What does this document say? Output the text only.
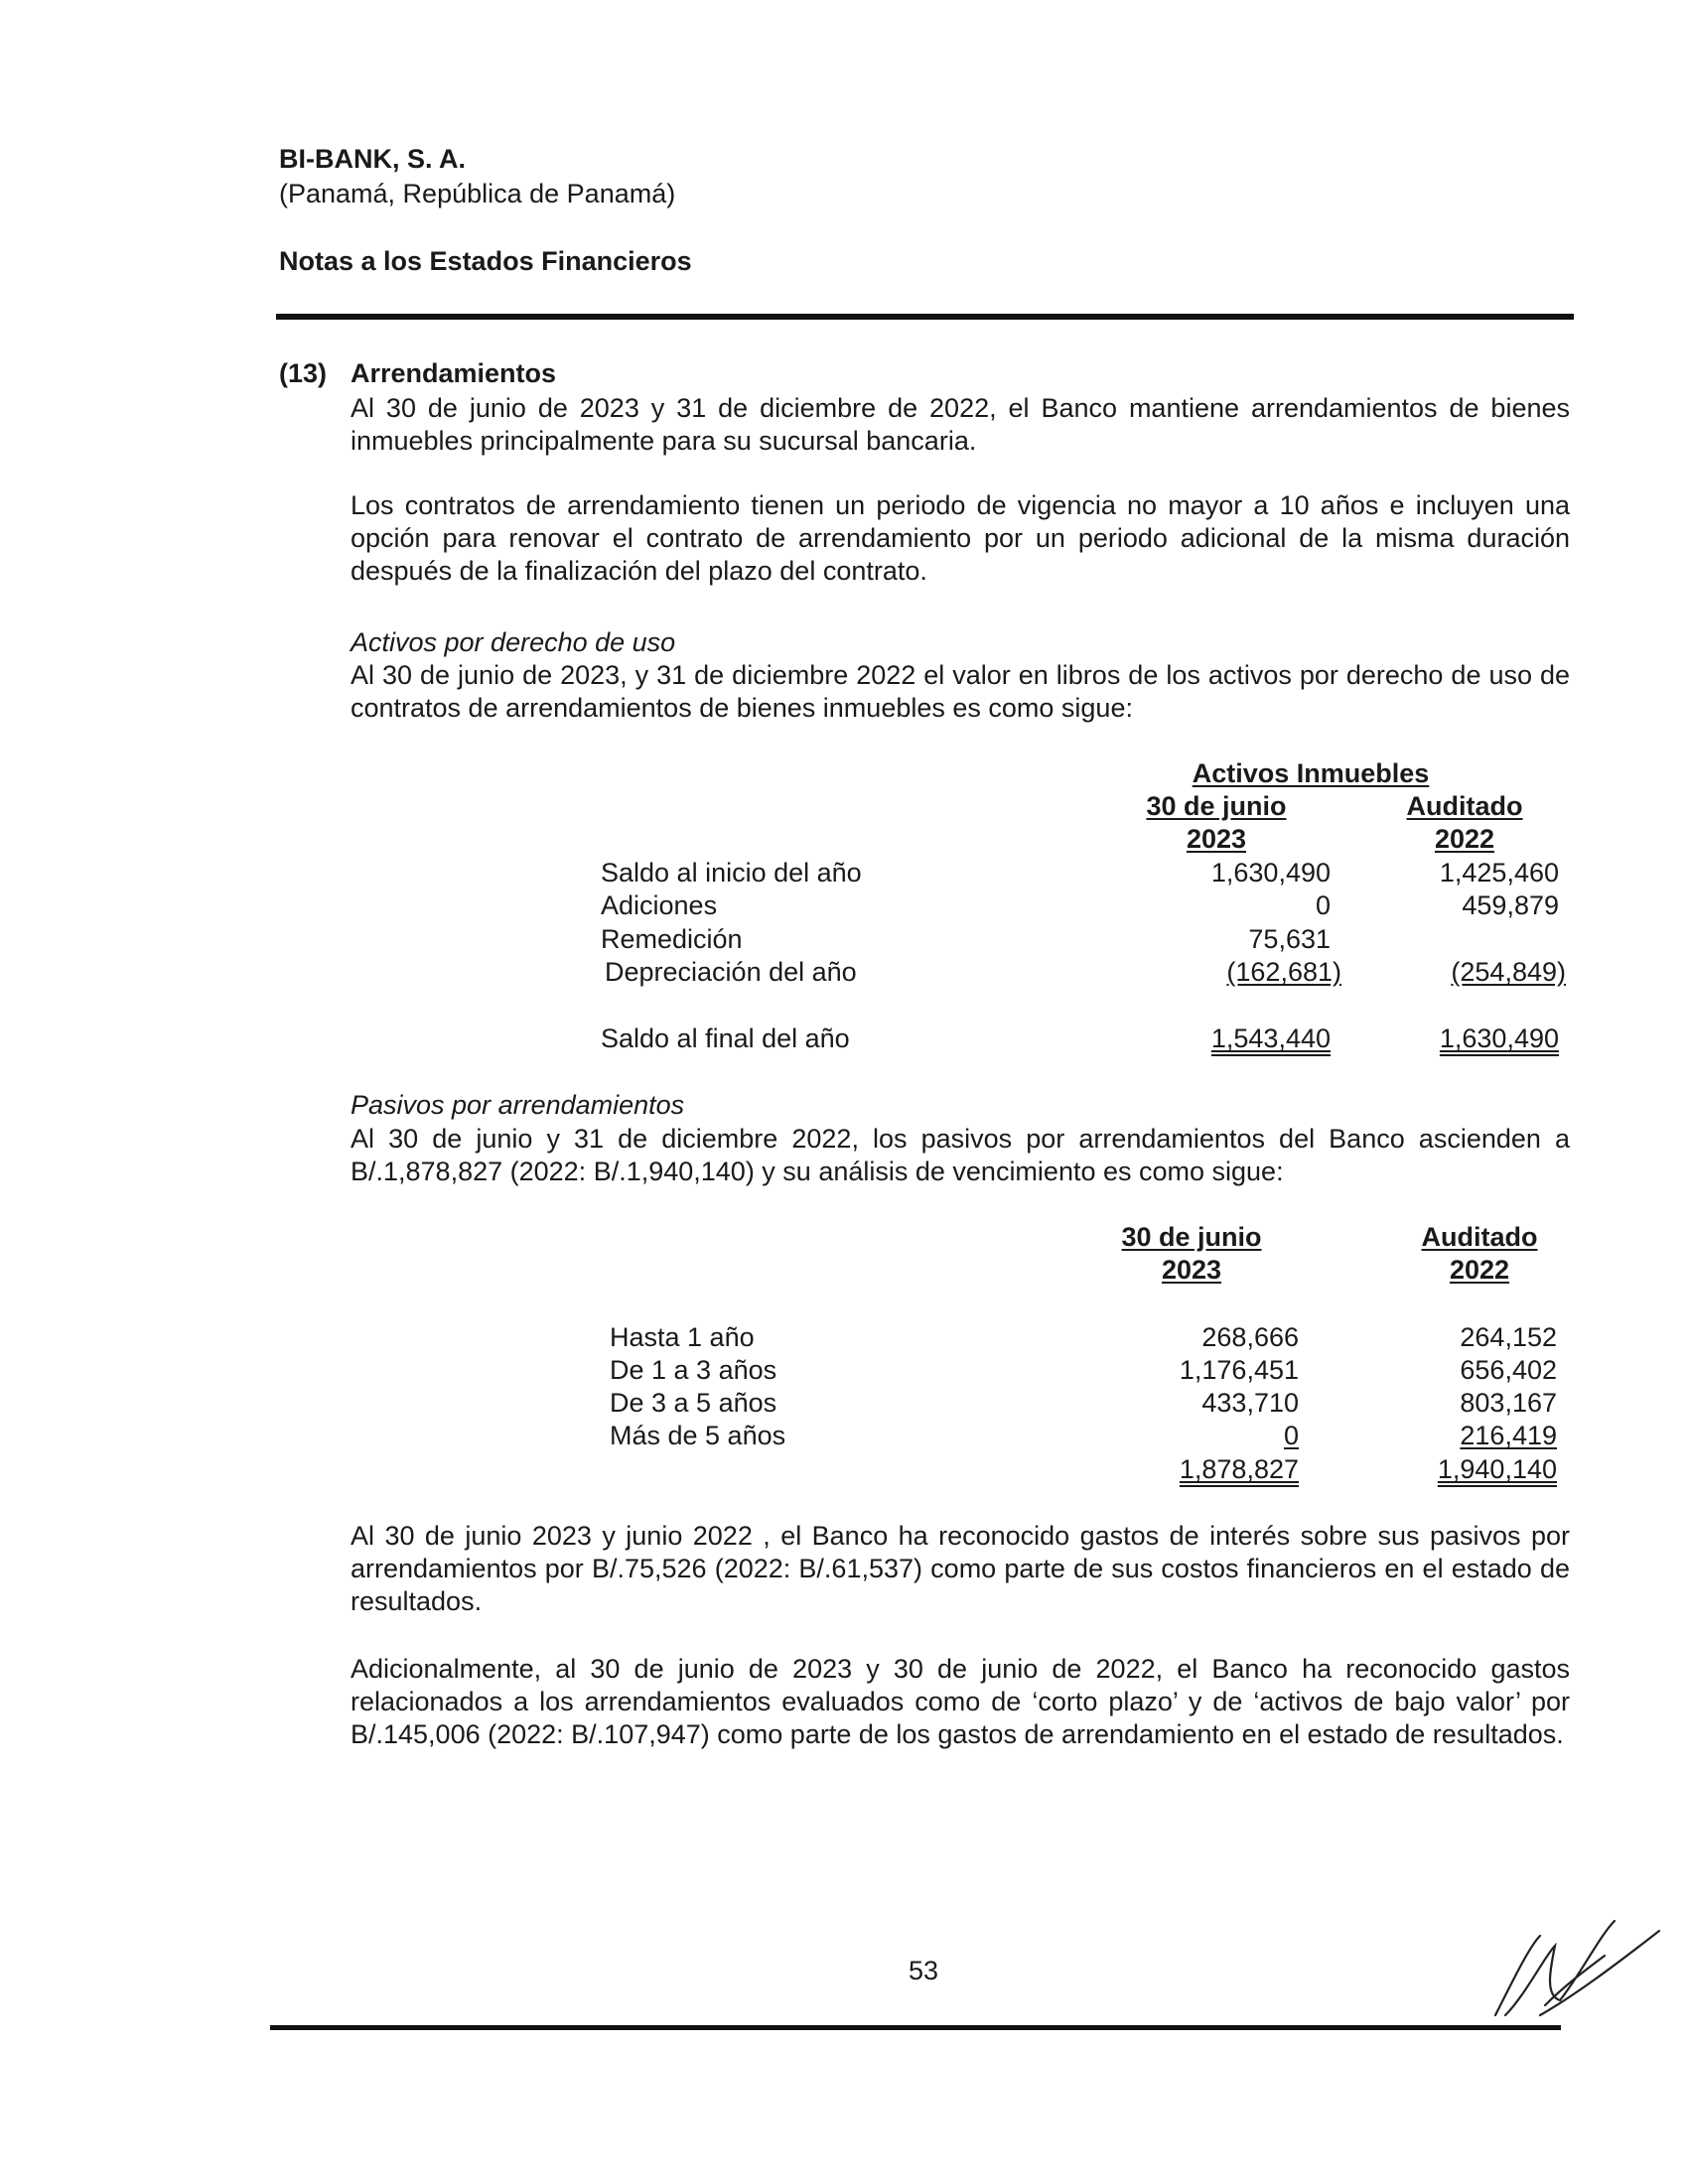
BI-BANK, S. A.
(Panamá, República de Panamá)
Notas a los Estados Financieros
(13) Arrendamientos
Al 30 de junio de 2023 y 31 de diciembre de 2022, el Banco mantiene arrendamientos de bienes inmuebles principalmente para su sucursal bancaria.
Los contratos de arrendamiento tienen un periodo de vigencia no mayor a 10 años e incluyen una opción para renovar el contrato de arrendamiento por un periodo adicional de la misma duración después de la finalización del plazo del contrato.
Activos por derecho de uso
Al 30 de junio de 2023, y 31 de diciembre 2022 el valor en libros de los activos por derecho de uso de contratos de arrendamientos de bienes inmuebles es como sigue:
Activos Inmuebles
30 de junio	Auditado
2023	2022
Saldo al inicio del año	1,630,490	1,425,460
Adiciones	0	459,879
Remedición	75,631
Depreciación del año	(162,681)	(254,849)
Saldo al final del año	1,543,440	1,630,490
Pasivos por arrendamientos
Al 30 de junio y 31 de diciembre 2022, los pasivos por arrendamientos del Banco ascienden a B/.1,878,827 (2022: B/.1,940,140) y su análisis de vencimiento es como sigue:
30 de junio	Auditado
2023	2022
Hasta 1 año	268,666	264,152
De 1 a 3 años	1,176,451	656,402
De 3 a 5 años	433,710	803,167
Más de 5 años	0	216,419
1,878,827	1,940,140
Al 30 de junio 2023 y junio 2022 , el Banco ha reconocido gastos de interés sobre sus pasivos por arrendamientos por B/.75,526 (2022: B/.61,537) como parte de sus costos financieros en el estado de resultados.
Adicionalmente, al 30 de junio de 2023 y 30 de junio de 2022, el Banco ha reconocido gastos relacionados a los arrendamientos evaluados como de ‘corto plazo’ y de ‘activos de bajo valor’ por B/.145,006 (2022: B/.107,947) como parte de los gastos de arrendamiento en el estado de resultados.
53
